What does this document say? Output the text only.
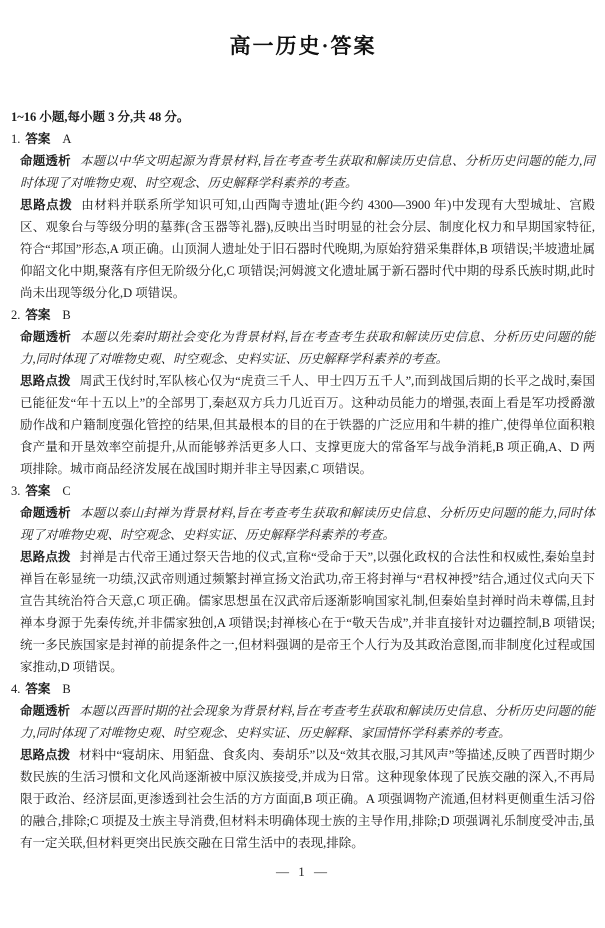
高一历史·答案

1~16 小题,每小题 3 分,共 48 分。

1. 答案 A

命题透析 本题以中华文明起源为背景材料,旨在考查考生获取和解读历史信息、分析历史问题的能力,同时体现了对唯物史观、时空观念、历史解释学科素养的考查。

思路点拨 由材料并联系所学知识可知,山西陶寺遗址(距今约 4300—3900 年)中发现有大型城址、宫殿区、观象台与等级分明的墓葬(含玉器等礼器),反映出当时明显的社会分层、制度化权力和早期国家特征,符合“邦国”形态,A 项正确。山顶洞人遗址处于旧石器时代晚期,为原始狩猎采集群体,B 项错误;半坡遗址属仰韶文化中期,聚落有序但无阶级分化,C 项错误;河姆渡文化遗址属于新石器时代中期的母系氏族时期,此时尚未出现等级分化,D 项错误。

2. 答案 B

命题透析 本题以先秦时期社会变化为背景材料,旨在考查考生获取和解读历史信息、分析历史问题的能力,同时体现了对唯物史观、时空观念、史料实证、历史解释学科素养的考查。

思路点拨 周武王伐纣时,军队核心仅为“虎贲三千人、甲士四万五千人”,而到战国后期的长平之战时,秦国已能征发“年十五以上”的全部男丁,秦赵双方兵力几近百万。这种动员能力的增强,表面上看是军功授爵激励作战和户籍制度强化管控的结果,但其最根本的目的在于铁器的广泛应用和牛耕的推广,使得单位面积粮食产量和开垦效率空前提升,从而能够养活更多人口、支撑更庞大的常备军与战争消耗,B 项正确,A、D 两项排除。城市商品经济发展在战国时期并非主导因素,C 项错误。

3. 答案 C

命题透析 本题以泰山封禅为背景材料,旨在考查考生获取和解读历史信息、分析历史问题的能力,同时体现了对唯物史观、时空观念、史料实证、历史解释学科素养的考查。

思路点拨 封禅是古代帝王通过祭天告地的仪式,宣称“受命于天”,以强化政权的合法性和权威性,秦始皇封禅旨在彰显统一功绩,汉武帝则通过频繁封禅宣扬文治武功,帝王将封禅与“君权神授”结合,通过仪式向天下宣告其统治符合天意,C 项正确。儒家思想虽在汉武帝后逐渐影响国家礼制,但秦始皇封禅时尚未尊儒,且封禅本身源于先秦传统,并非儒家独创,A 项错误;封禅核心在于“敬天告成”,并非直接针对边疆控制,B 项错误;统一多民族国家是封禅的前提条件之一,但材料强调的是帝王个人行为及其政治意图,而非制度化过程或国家推动,D 项错误。

4. 答案 B

命题透析 本题以西晋时期的社会现象为背景材料,旨在考查考生获取和解读历史信息、分析历史问题的能力,同时体现了对唯物史观、时空观念、史料实证、历史解释、家国情怀学科素养的考查。

思路点拨 材料中“寝胡床、用貊盘、食炙肉、奏胡乐”以及“效其衣服,习其风声”等描述,反映了西晋时期少数民族的生活习惯和文化风尚逐渐被中原汉族接受,并成为日常。这种现象体现了民族交融的深入,不再局限于政治、经济层面,更渗透到社会生活的方方面面,B 项正确。A 项强调物产流通,但材料更侧重生活习俗的融合,排除;C 项提及士族主导消费,但材料未明确体现士族的主导作用,排除;D 项强调礼乐制度受冲击,虽有一定关联,但材料更突出民族交融在日常生活中的表现,排除。

— 1 —
